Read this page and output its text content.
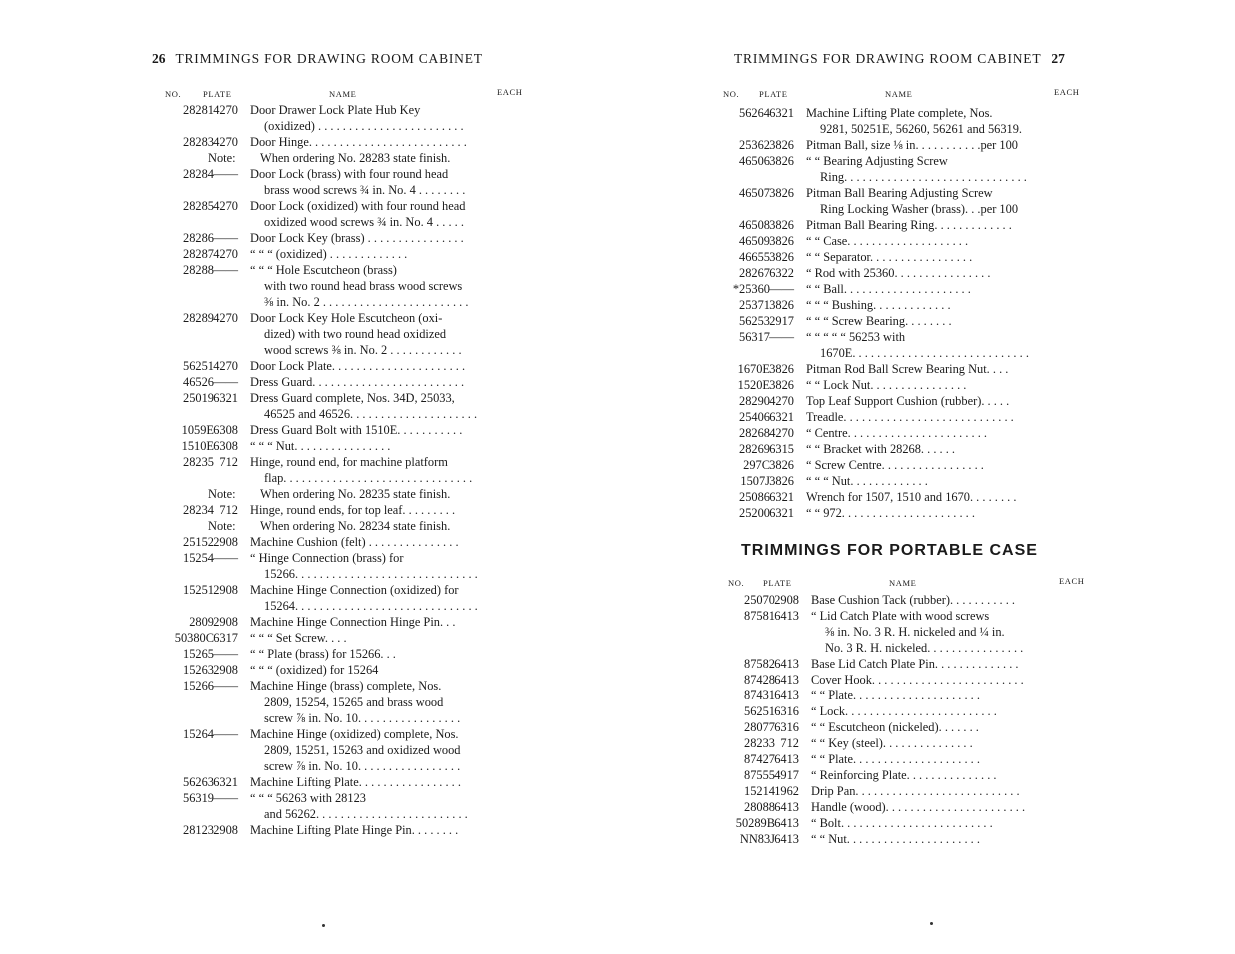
26 TRIMMINGS FOR DRAWING ROOM CABINET
NO.	PLATE	NAME	EACH
28281 4270 Door Drawer Lock Plate Hub Key
(oxidized) . . . . . . . . . . . . . . . . . . . . . . . .
28283 4270 Door Hinge. . . . . . . . . . . . . . . . . . . . . . . . . .
Note: When ordering No. 28283 state finish.
28284 —— Door Lock (brass) with four round head
brass wood screws ¾ in. No. 4 . . . . . . . .
28285 4270 Door Lock (oxidized) with four round head
oxidized wood screws ¾ in. No. 4 . . . . .
28286 —— Door Lock Key (brass) . . . . . . . . . . . . . . . .
28287 4270 “ “ “ (oxidized) . . . . . . . . . . . . .
28288 —— “ “ “ Hole Escutcheon (brass)
with two round head brass wood screws
⅜ in. No. 2 . . . . . . . . . . . . . . . . . . . . . . . .
28289 4270 Door Lock Key Hole Escutcheon (oxi-
dized) with two round head oxidized
wood screws ⅜ in. No. 2 . . . . . . . . . . . .
56251 4270 Door Lock Plate. . . . . . . . . . . . . . . . . . . . . .
46526 —— Dress Guard. . . . . . . . . . . . . . . . . . . . . . . . .
25019 6321 Dress Guard complete, Nos. 34D, 25033,
46525 and 46526. . . . . . . . . . . . . . . . . . . . .
1059E 6308 Dress Guard Bolt with 1510E. . . . . . . . . . .
1510E 6308 “ “ “ Nut. . . . . . . . . . . . . . . .
28235 712 Hinge, round end, for machine platform
flap. . . . . . . . . . . . . . . . . . . . . . . . . . . . . . .
Note: When ordering No. 28235 state finish.
28234 712 Hinge, round ends, for top leaf. . . . . . . . .
Note: When ordering No. 28234 state finish.
25152 2908 Machine Cushion (felt) . . . . . . . . . . . . . . .
15254 —— “ Hinge Connection (brass) for
15266. . . . . . . . . . . . . . . . . . . . . . . . . . . . . .
15251 2908 Machine Hinge Connection (oxidized) for
15264. . . . . . . . . . . . . . . . . . . . . . . . . . . . . .
2809 2908 Machine Hinge Connection Hinge Pin. . .
50380C 6317 “ “ “ Set Screw. . . .
15265 —— “ “ Plate (brass) for 15266. . .
15263 2908 “ “ “ (oxidized) for 15264
15266 —— Machine Hinge (brass) complete, Nos.
2809, 15254, 15265 and brass wood
screw ⅞ in. No. 10. . . . . . . . . . . . . . . . .
15264 —— Machine Hinge (oxidized) complete, Nos.
2809, 15251, 15263 and oxidized wood
screw ⅞ in. No. 10. . . . . . . . . . . . . . . . .
56263 6321 Machine Lifting Plate. . . . . . . . . . . . . . . . .
56319 —— “ “ “ 56263 with 28123
and 56262. . . . . . . . . . . . . . . . . . . . . . . . .
28123 2908 Machine Lifting Plate Hinge Pin. . . . . . . .
TRIMMINGS FOR DRAWING ROOM CABINET 27
NO. PLATE	NAME	EACH
56264 6321 Machine Lifting Plate complete, Nos.
9281, 50251E, 56260, 56261 and 56319.
25362 3826 Pitman Ball, size ⅛ in. . . . . . . . . . .per 100
46506 3826 “ “ Bearing Adjusting Screw
Ring. . . . . . . . . . . . . . . . . . . . . . . . . . . . . .
46507 3826 Pitman Ball Bearing Adjusting Screw
Ring Locking Washer (brass). . .per 100
46508 3826 Pitman Ball Bearing Ring. . . . . . . . . . . . .
46509 3826 “ “ Case. . . . . . . . . . . . . . . . . . . .
46655 3826 “ “ Separator. . . . . . . . . . . . . . . . .
28267 6322 “ Rod with 25360. . . . . . . . . . . . . . . .
*25360 —— “ “ Ball. . . . . . . . . . . . . . . . . . . . .
25371 3826 “ “ “ Bushing. . . . . . . . . . . . .
56253 2917 “ “ “ Screw Bearing. . . . . . . .
56317 —— “ “ “ “ “ 56253 with
1670E. . . . . . . . . . . . . . . . . . . . . . . . . . . . .
1670E 3826 Pitman Rod Ball Screw Bearing Nut. . . .
1520E 3826 “ “ Lock Nut. . . . . . . . . . . . . . . .
28290 4270 Top Leaf Support Cushion (rubber). . . . .
25406 6321 Treadle. . . . . . . . . . . . . . . . . . . . . . . . . . . .
28268 4270 “ Centre. . . . . . . . . . . . . . . . . . . . . . .
28269 6315 “ “ Bracket with 28268. . . . . .
297C 3826 “ Screw Centre. . . . . . . . . . . . . . . . .
1507J 3826 “ “ “ Nut. . . . . . . . . . . . .
25086 6321 Wrench for 1507, 1510 and 1670. . . . . . . .
25200 6321 “ “ 972. . . . . . . . . . . . . . . . . . . . . .
TRIMMINGS FOR PORTABLE CASE
NO. PLATE	NAME	EACH
25070 2908 Base Cushion Tack (rubber). . . . . . . . . . .
87581 6413 “ Lid Catch Plate with wood screws
⅜ in. No. 3 R. H. nickeled and ¼ in.
No. 3 R. H. nickeled. . . . . . . . . . . . . . . .
87582 6413 Base Lid Catch Plate Pin. . . . . . . . . . . . . .
87428 6413 Cover Hook. . . . . . . . . . . . . . . . . . . . . . . . .
87431 6413 “ “ Plate. . . . . . . . . . . . . . . . . . . . .
56251 6316 “ Lock. . . . . . . . . . . . . . . . . . . . . . . . .
28077 6316 “ “ Escutcheon (nickeled). . . . . . .
28233 712 “ “ Key (steel). . . . . . . . . . . . . . .
87427 6413 “ “ Plate. . . . . . . . . . . . . . . . . . . . .
87555 4917 “ Reinforcing Plate. . . . . . . . . . . . . . .
15214 1962 Drip Pan. . . . . . . . . . . . . . . . . . . . . . . . . . .
28088 6413 Handle (wood). . . . . . . . . . . . . . . . . . . . . . .
50289B 6413 “ Bolt. . . . . . . . . . . . . . . . . . . . . . . . .
NN83J 6413 “ “ Nut. . . . . . . . . . . . . . . . . . . . . .
